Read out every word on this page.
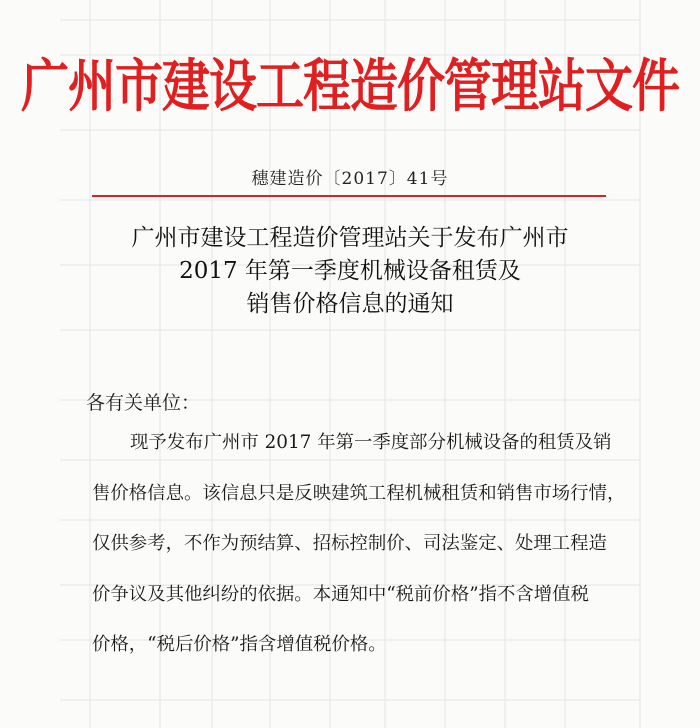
广州市建设工程造价管理站文件
穗建造价〔2017〕41号
广州市建设工程造价管理站关于发布广州市
2017 年第一季度机械设备租赁及
销售价格信息的通知
各有关单位：
现予发布广州市 2017 年第一季度部分机械设备的租赁及销
售价格信息。该信息只是反映建筑工程机械租赁和销售市场行情，
仅供参考，不作为预结算、招标控制价、司法鉴定、处理工程造
价争议及其他纠纷的依据。本通知中“税前价格”指不含增值税
价格，“税后价格”指含增值税价格。
